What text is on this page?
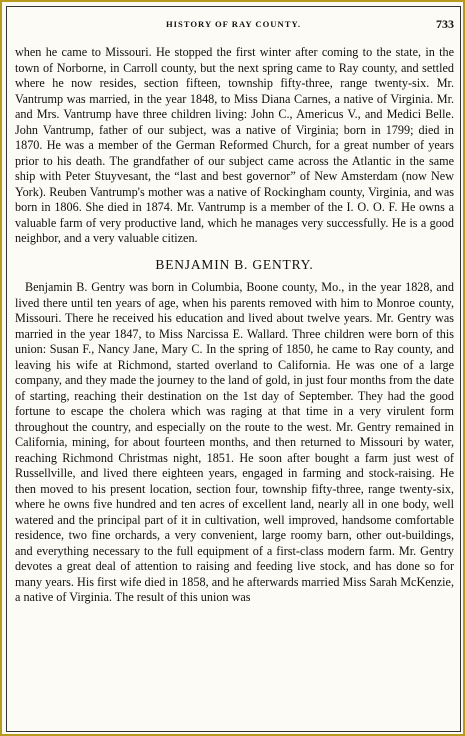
HISTORY OF RAY COUNTY.	733

when he came to Missouri. He stopped the first winter after coming to the state, in the town of Norborne, in Carroll county, but the next spring came to Ray county, and settled where he now resides, section fifteen, township fifty-three, range twenty-six. Mr. Vantrump was married, in the year 1848, to Miss Diana Carnes, a native of Virginia. Mr. and Mrs. Vantrump have three children living: John C., Americus V., and Medici Belle. John Vantrump, father of our subject, was a native of Virginia; born in 1799; died in 1870. He was a member of the German Reformed Church, for a great number of years prior to his death. The grandfather of our subject came across the Atlantic in the same ship with Peter Stuyvesant, the “last and best governor” of New Amsterdam (now New York). Reuben Vantrump's mother was a native of Rockingham county, Virginia, and was born in 1806. She died in 1874. Mr. Vantrump is a member of the I. O. O. F. He owns a valuable farm of very productive land, which he manages very successfully. He is a good neighbor, and a very valuable citizen.

BENJAMIN B. GENTRY.

Benjamin B. Gentry was born in Columbia, Boone county, Mo., in the year 1828, and lived there until ten years of age, when his parents removed with him to Monroe county, Missouri. There he received his education and lived about twelve years. Mr. Gentry was married in the year 1847, to Miss Narcissa E. Wallard. Three children were born of this union: Susan F., Nancy Jane, Mary C. In the spring of 1850, he came to Ray county, and leaving his wife at Richmond, started overland to California. He was one of a large company, and they made the journey to the land of gold, in just four months from the date of starting, reaching their destination on the 1st day of September. They had the good fortune to escape the cholera which was raging at that time in a very virulent form throughout the country, and especially on the route to the west. Mr. Gentry remained in California, mining, for about fourteen months, and then returned to Missouri by water, reaching Richmond Christmas night, 1851. He soon after bought a farm just west of Russellville, and lived there eighteen years, engaged in farming and stock-raising. He then moved to his present location, section four, township fifty-three, range twenty-six, where he owns five hundred and ten acres of excellent land, nearly all in one body, well watered and the principal part of it in cultivation, well improved, handsome comfortable residence, two fine orchards, a very convenient, large roomy barn, other out-buildings, and everything necessary to the full equipment of a first-class modern farm. Mr. Gentry devotes a great deal of attention to raising and feeding live stock, and has done so for many years. His first wife died in 1858, and he afterwards married Miss Sarah McKenzie, a native of Virginia. The result of this union was
